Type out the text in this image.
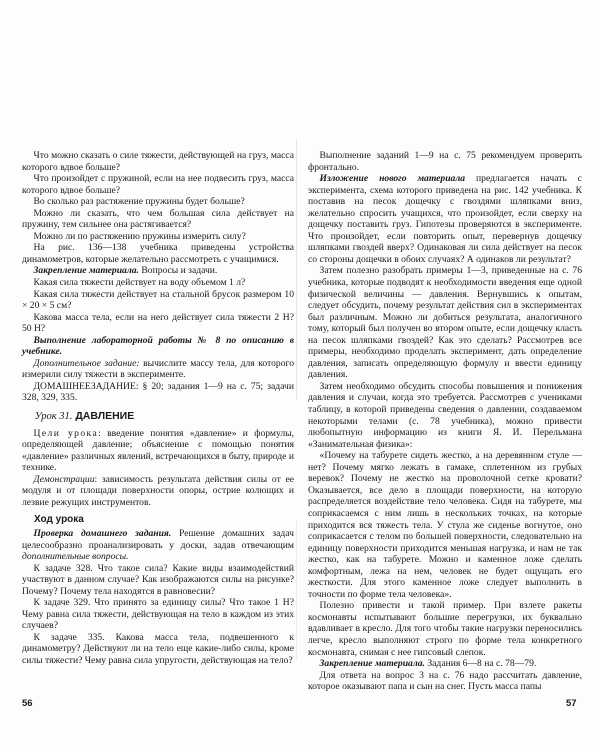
Что можно сказать о силе тяжести, действующей на груз, масса которого вдвое больше?

Что произойдет с пружиной, если на нее подвесить груз, масса которого вдвое больше?

Во сколько раз растяжение пружины будет больше?

Можно ли сказать, что чем большая сила действует на пружину, тем сильнее она растягивается?

Можно ли по растяжению пружины измерить силу?

На рис. 136—138 учебника приведены устройства динамометров, которые желательно рассмотреть с учащимися.

Закрепление материала. Вопросы и задачи.

Какая сила тяжести действует на воду объемом 1 л?

Какая сила тяжести действует на стальной брусок размером 10 × 20 × 5 см?

Какова масса тела, если на него действует сила тяжести 2 Н? 50 Н?

Выполнение лабораторной работы № 8 по описанию в учебнике.

Дополнительное задание: вычислите массу тела, для которого измерили силу тяжести в эксперименте.

ДОМАШНЕЕЗАДАНИЕ: § 20; задания 1—9 на с. 75; задачи 328, 329, 335.

Урок 31. ДАВЛЕНИЕ

Цели урока: введение понятия «давление» и формулы, определяющей давление; объяснение с помощью понятия «давление» различных явлений, встречающихся в быту, природе и технике.

Демонстрации: зависимость результата действия силы от ее модуля и от площади поверхности опоры, острие колющих и лезвие режущих инструментов.

Ход урока

Проверка домашнего задания. Решение домашних задач целесообразно проанализировать у доски, задав отвечающим дополнительные вопросы.

К задаче 328. Что такое сила? Какие виды взаимодействий участвуют в данном случае? Как изображаются силы на рисунке? Почему? Почему тела находятся в равновесии?

К задаче 329. Что принято за единицу силы? Что такое 1 Н? Чему равна сила тяжести, действующая на тело в каждом из этих случаев?

К задаче 335. Какова масса тела, подвешенного к динамометру? Действуют ли на тело еще какие-либо силы, кроме силы тяжести? Чему равна сила упругости, действующая на тело?

Выполнение заданий 1—9 на с. 75 рекомендуем проверить фронтально.

Изложение нового материала предлагается начать с эксперимента, схема которого приведена на рис. 142 учебника. К поставив на песок дощечку с гвоздями шляпками вниз, желательно спросить учащихся, что произойдет, если сверху на дощечку поставить груз. Гипотезы проверяются в эксперименте. Что произойдет, если повторить опыт, перевернув дощечку шляпками гвоздей вверх? Одинаковая ли сила действует на песок со стороны дощечки в обоих случаях? А одинаков ли результат?

Затем полезно разобрать примеры 1—3, приведенные на с. 76 учебника, которые подводят к необходимости введения еще одной физической величины — давления. Вернувшись к опытам, следует обсудить, почему результат действия сил в экспериментах был различным. Можно ли добиться результата, аналогичного тому, который был получен во втором опыте, если дощечку класть на песок шляпками гвоздей? Как это сделать? Рассмотрев все примеры, необходимо проделать эксперимент, дать определение давления, записать определяющую формулу и ввести единицу давления.

Затем необходимо обсудить способы повышения и понижения давления и случаи, когда это требуется. Рассмотрев с учениками таблицу, в которой приведены сведения о давлении, создаваемом некоторыми телами (с. 78 учебника), можно привести любопытную информацию из книги Я. И. Перельмана «Занимательная физика»:

«Почему на табурете сидеть жестко, а на деревянном стуле — нет? Почему мягко лежать в гамаке, сплетенном из грубых веревок? Почему не жестко на проволочной сетке кровати? Оказывается, все дело в площади поверхности, на которую распределяется воздействие тело человека. Сидя на табурете, мы соприкасаемся с ним лишь в нескольких точках, на которые приходится вся тяжесть тела. У стула же сиденье вогнутое, оно соприкасается с телом по большей поверхности, следовательно на единицу поверхности приходится меньшая нагрузка, и нам не так жестко, как на табурете. Можно и каменное ложе сделать комфортным, лежа на нем, человек не будет ощущать его жесткости. Для этого каменное ложе следует выполнить в точности по форме тела человека».

Полезно привести и такой пример. При взлете ракеты космонавты испытывают большие перегрузки, их буквально вдавливает в кресло. Для того чтобы такие нагрузки переносились легче, кресло выполняют строго по форме тела конкретного космонавта, снимая с нее гипсовый слепок.

Закрепление материала. Задания 6—8 на с. 78—79.

Для ответа на вопрос 3 на с. 76 надо рассчитать давление, которое оказывают папа и сын на снег. Пусть масса папы

56	57
